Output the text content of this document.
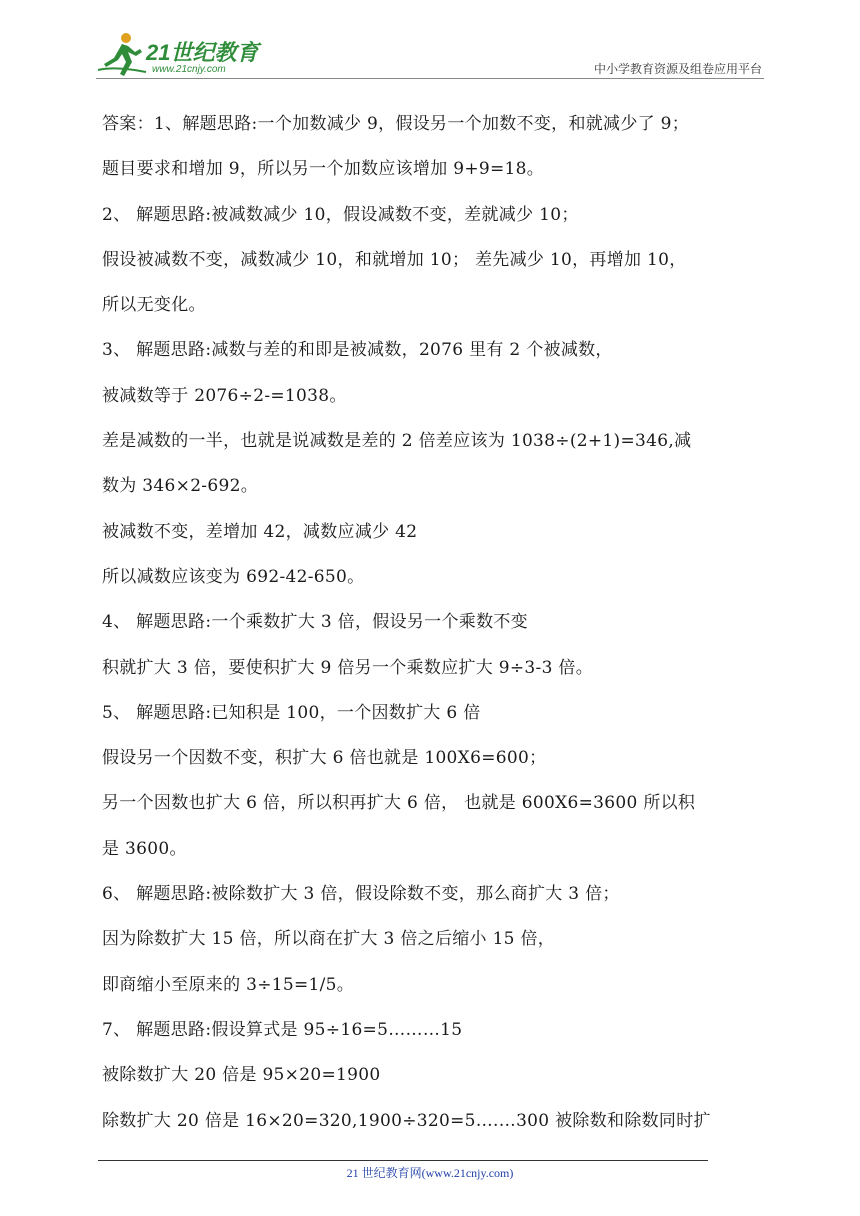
21世纪教育
www.21cnjy.com	中小学教育资源及组卷应用平台
答案：1、解题思路:一个加数减少 9，假设另一个加数不变，和就减少了 9；
题目要求和增加 9，所以另一个加数应该增加 9+9=18。
2、 解题思路:被减数减少 10，假设减数不变，差就减少 10；
假设被减数不变，减数减少 10，和就增加 10； 差先减少 10，再增加 10，
所以无变化。
3、 解题思路:减数与差的和即是被减数，2076 里有 2 个被减数，
被减数等于 2076÷2-=1038。
差是减数的一半，也就是说减数是差的 2 倍差应该为 1038÷(2+1)=346,减
数为 346×2-692。
被减数不变，差增加 42，减数应减少 42
所以减数应该变为 692-42-650。
4、 解题思路:一个乘数扩大 3 倍，假设另一个乘数不变
积就扩大 3 倍，要使积扩大 9 倍另一个乘数应扩大 9÷3-3 倍。
5、 解题思路:已知积是 100，一个因数扩大 6 倍
假设另一个因数不变，积扩大 6 倍也就是 100X6=600；
另一个因数也扩大 6 倍，所以积再扩大 6 倍， 也就是 600X6=3600 所以积
是 3600。
6、 解题思路:被除数扩大 3 倍，假设除数不变，那么商扩大 3 倍；
因为除数扩大 15 倍，所以商在扩大 3 倍之后缩小 15 倍，
即商缩小至原来的 3÷15=1/5。
7、 解题思路:假设算式是 95÷16=5………15
被除数扩大 20 倍是 95×20=1900
除数扩大 20 倍是 16×20=320,1900÷320=5….…300 被除数和除数同时扩
21 世纪教育网(www.21cnjy.com)
